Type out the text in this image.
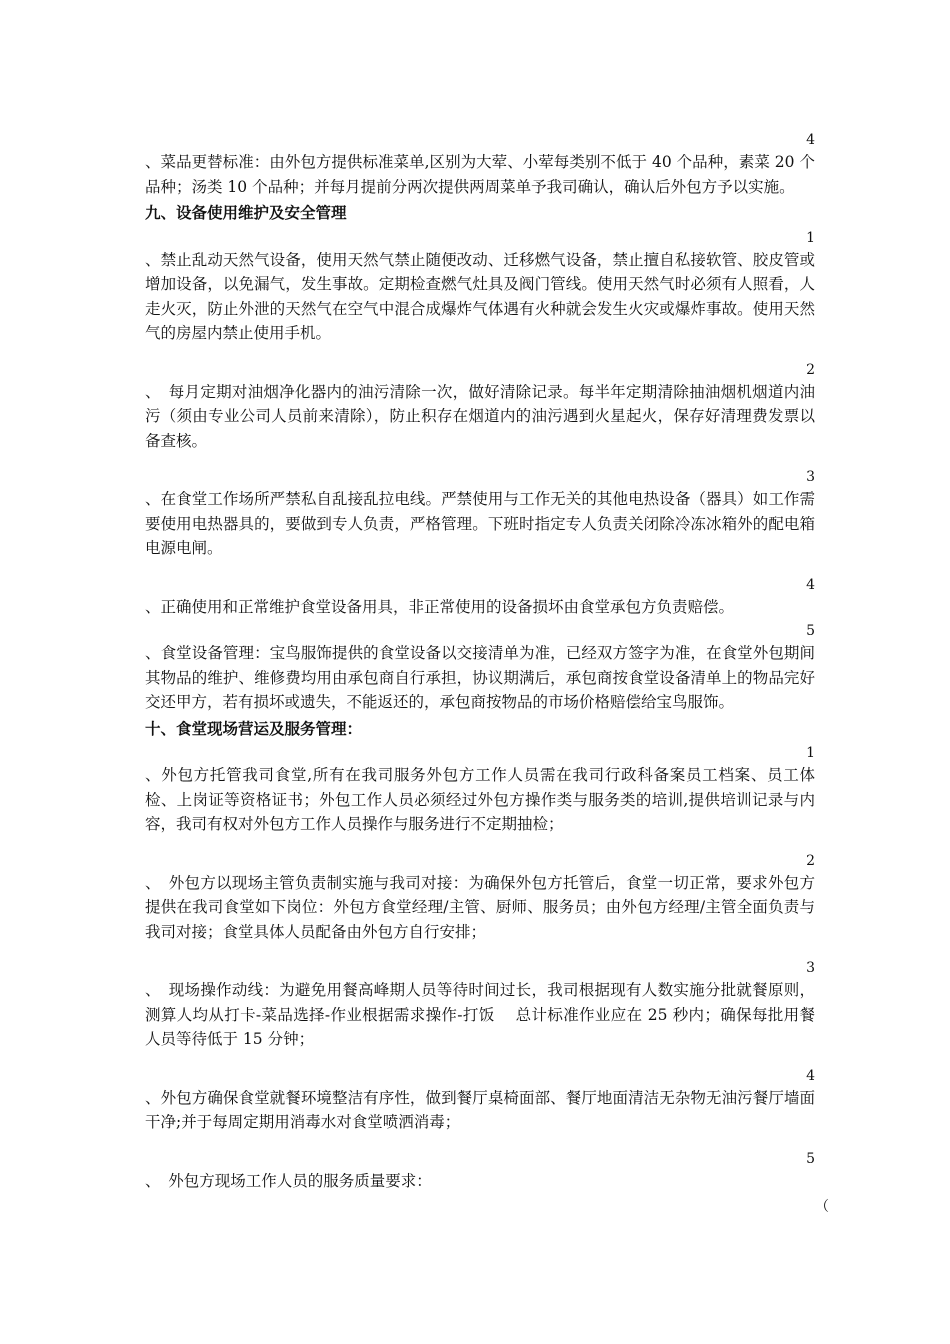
4

、菜品更替标准：由外包方提供标准菜单,区别为大荤、小荤每类别不低于 40 个品种，素菜 20 个品种；汤类 10 个品种；并每月提前分两次提供两周菜单予我司确认，确认后外包方予以实施。

九、设备使用维护及安全管理
1

、禁止乱动天然气设备，使用天然气禁止随便改动、迁移燃气设备，禁止擅自私接软管、胶皮管或增加设备，以免漏气，发生事故。定期检查燃气灶具及阀门管线。使用天然气时必须有人照看，人走火灭，防止外泄的天然气在空气中混合成爆炸气体遇有火种就会发生火灾或爆炸事故。使用天然气的房屋内禁止使用手机。

2

、　每月定期对油烟净化器内的油污清除一次，做好清除记录。每半年定期清除抽油烟机烟道内油污（须由专业公司人员前来清除），防止积存在烟道内的油污遇到火星起火，保存好清理费发票以备查核。

3

、在食堂工作场所严禁私自乱接乱拉电线。严禁使用与工作无关的其他电热设备（器具）如工作需要使用电热器具的，要做到专人负责，严格管理。下班时指定专人负责关闭除冷冻冰箱外的配电箱电源电闸。

4

、正确使用和正常维护食堂设备用具，非正常使用的设备损坏由食堂承包方负责赔偿。

5

、食堂设备管理：宝鸟服饰提供的食堂设备以交接清单为准，已经双方签字为准，在食堂外包期间其物品的维护、维修费均用由承包商自行承担，协议期满后，承包商按食堂设备清单上的物品完好交还甲方，若有损坏或遗失，不能返还的，承包商按物品的市场价格赔偿给宝鸟服饰。

十、食堂现场营运及服务管理：
1

、外包方托管我司食堂,所有在我司服务外包方工作人员需在我司行政科备案员工档案、员工体检、上岗证等资格证书；外包工作人员必须经过外包方操作类与服务类的培训,提供培训记录与内容，我司有权对外包方工作人员操作与服务进行不定期抽检；

2

、　外包方以现场主管负责制实施与我司对接：为确保外包方托管后，食堂一切正常，要求外包方提供在我司食堂如下岗位：外包方食堂经理/主管、厨师、服务员；由外包方经理/主管全面负责与我司对接；食堂具体人员配备由外包方自行安排；

3

、　现场操作动线：为避免用餐高峰期人员等待时间过长，我司根据现有人数实施分批就餐原则，测算人均从打卡-菜品选择-作业根据需求操作-打饭　 总计标准作业应在 25 秒内；确保每批用餐人员等待低于 15 分钟；

4

、外包方确保食堂就餐环境整洁有序性，做到餐厅桌椅面部、餐厅地面清洁无杂物无油污餐厅墙面干净;并于每周定期用消毒水对食堂喷洒消毒；

5

、　外包方现场工作人员的服务质量要求：

（
